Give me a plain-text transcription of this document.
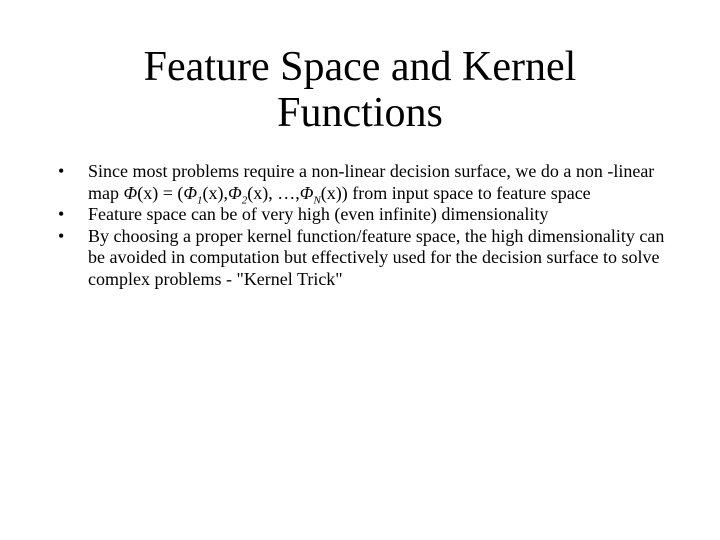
Feature Space and Kernel
Functions
• Since most problems require a non-linear decision surface, we do a non -linear map $\Phi(x) = (\Phi_1(x),\Phi_2(x)$, $\dots,\Phi_N(x)$) from input space to feature space
• Feature space can be of very high (even infinite) dimensionality
• By choosing a proper kernel function/feature space, the high dimensionality can be avoided in computation but effectively used for the decision surface to solve complex problems - "Kernel Trick"
